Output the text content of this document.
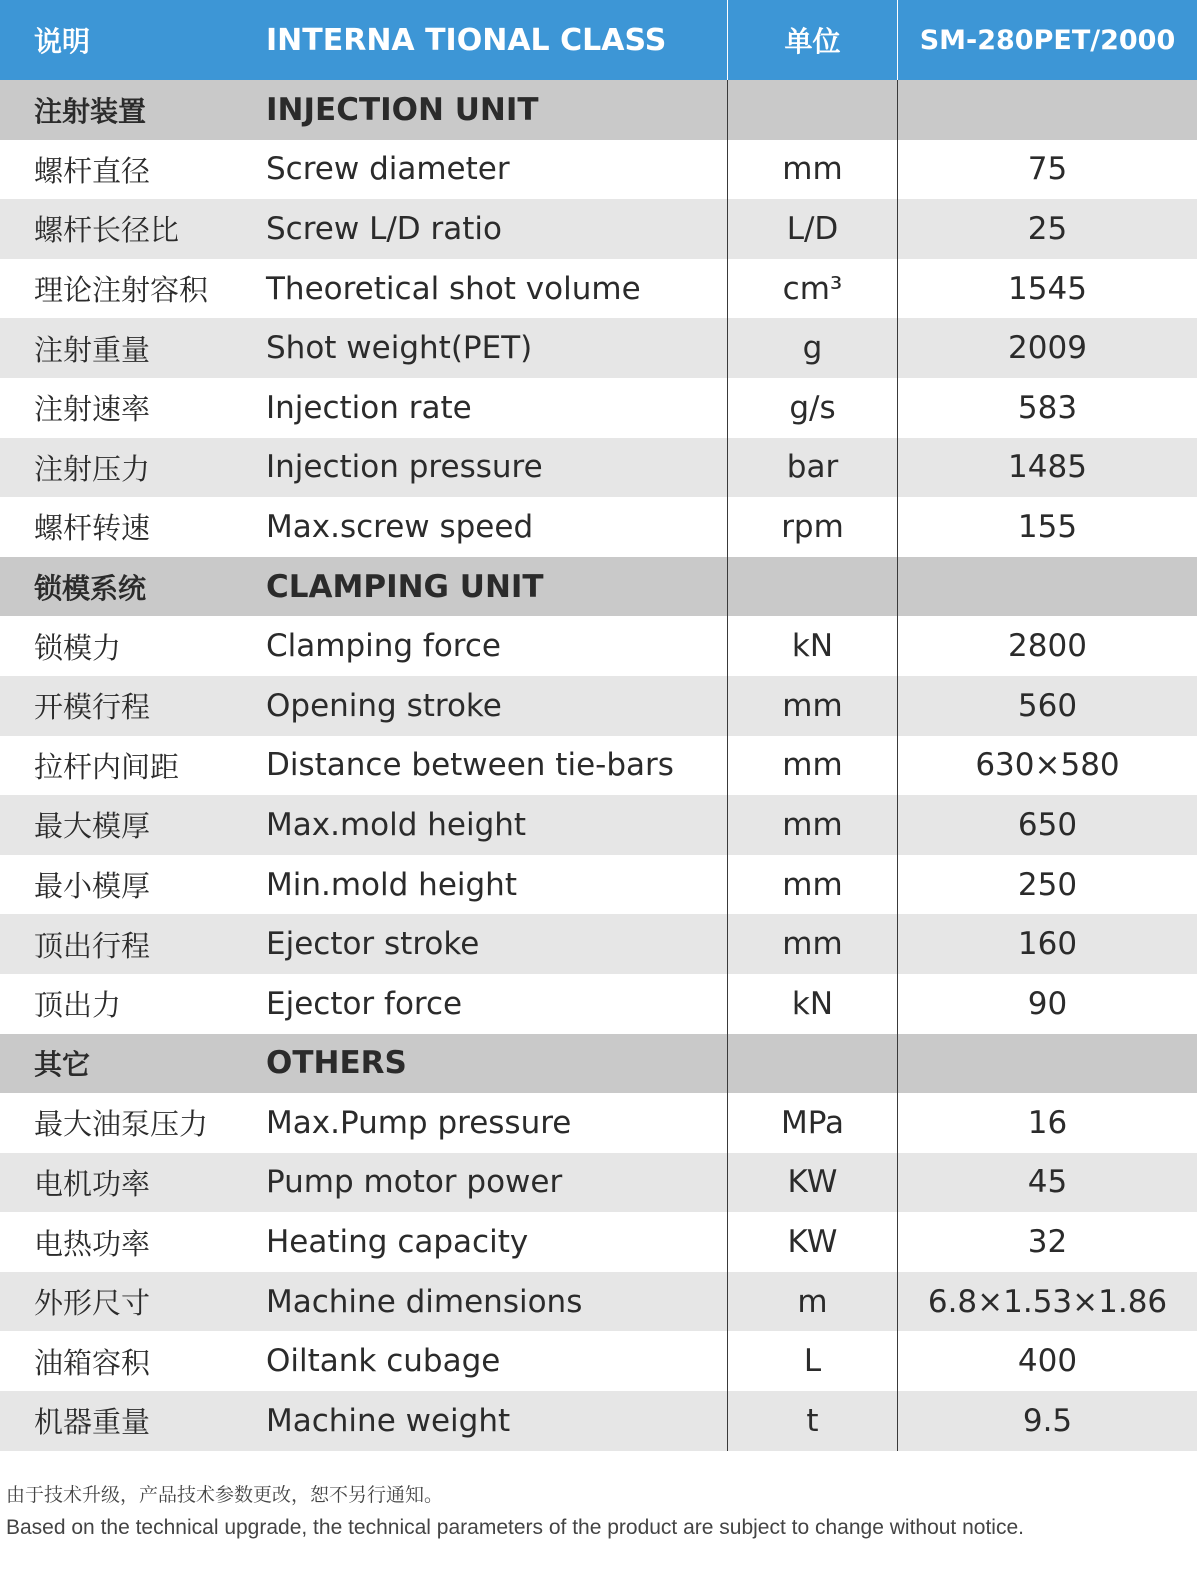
说明	INTERNA TIONAL CLASS	单位	SM-280PET/2000
注射装置	INJECTION UNIT
螺杆直径	Screw diameter	mm	75
螺杆长径比	Screw L/D ratio	L/D	25
理论注射容积	Theoretical shot volume	cm³	1545
注射重量	Shot weight(PET)	g	2009
注射速率	Injection rate	g/s	583
注射压力	Injection pressure	bar	1485
螺杆转速	Max.screw speed	rpm	155
锁模系统	CLAMPING UNIT
锁模力	Clamping force	kN	2800
开模行程	Opening stroke	mm	560
拉杆内间距	Distance between tie-bars	mm	630×580
最大模厚	Max.mold height	mm	650
最小模厚	Min.mold height	mm	250
顶出行程	Ejector stroke	mm	160
顶出力	Ejector force	kN	90
其它	OTHERS
最大油泵压力	Max.Pump pressure	MPa	16
电机功率	Pump motor power	KW	45
电热功率	Heating capacity	KW	32
外形尺寸	Machine dimensions	m	6.8×1.53×1.86
油箱容积	Oiltank cubage	L	400
机器重量	Machine weight	t	9.5
由于技术升级，产品技术参数更改，恕不另行通知。
Based on the technical upgrade, the technical parameters of the product are subject to change without notice.
